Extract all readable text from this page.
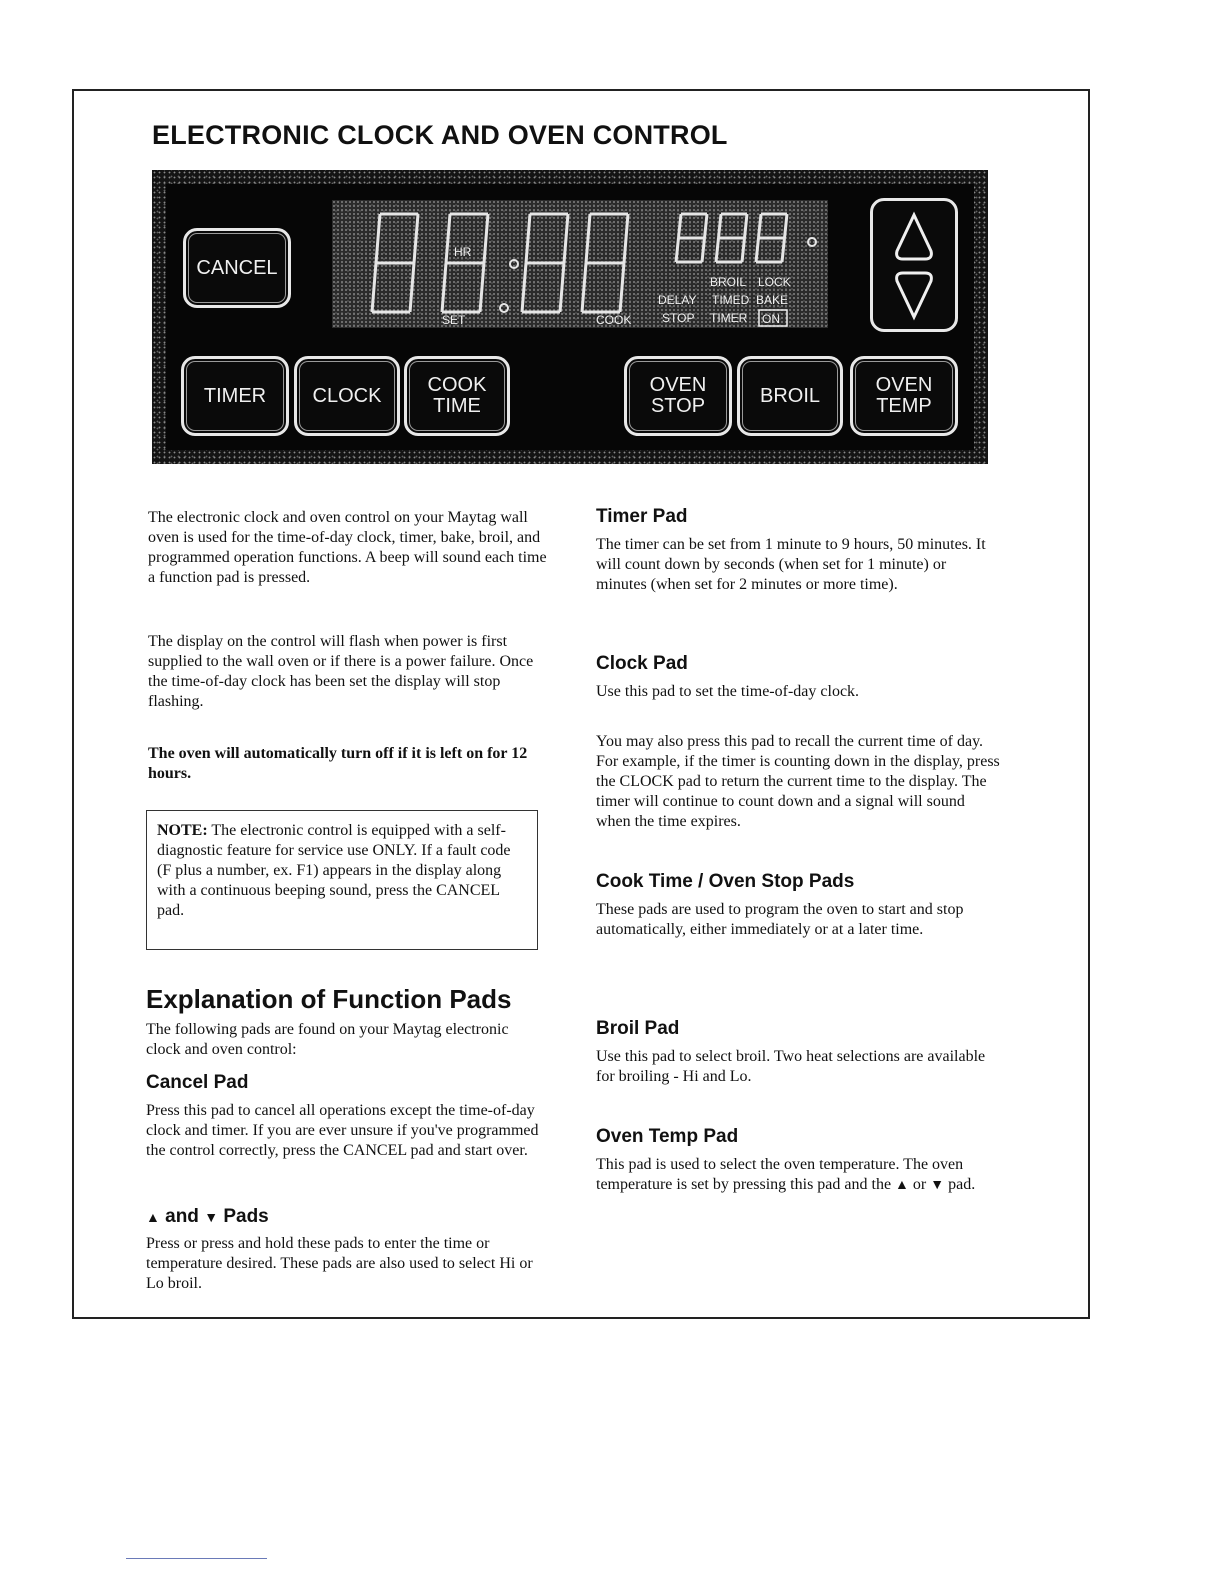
ELECTRONIC CLOCK AND OVEN CONTROL
HR
SET	COOK
BROIL LOCK
DELAY TIMED BAKE
STOP TIMER ON
CANCEL
TIMER CLOCK COOK
TIME
OVEN
STOP	BROIL	OVEN
TEMP

The electronic clock and oven control on your Maytag wall oven is used for the time-of-day clock, timer, bake, broil, and programmed operation functions. A beep will sound each time a function pad is pressed.

The display on the control will flash when power is first supplied to the wall oven or if there is a power failure. Once the time-of-day clock has been set the display will stop flashing.

The oven will automatically turn off if it is left on for 12 hours.

NOTE: The electronic control is equipped with a self-diagnostic feature for service use ONLY. If a fault code (F plus a number, ex. F1) appears in the display along with a continuous beeping sound, press the CANCEL pad.
Explanation of Function Pads

The following pads are found on your Maytag electronic clock and oven control:

Cancel Pad

Press this pad to cancel all operations except the time-of-day clock and timer. If you are ever unsure if you've programmed the control correctly, press the CANCEL pad and start over.

▲ and ▼ Pads

Press or press and hold these pads to enter the time or temperature desired. These pads are also used to select Hi or Lo broil.

Timer Pad

The timer can be set from 1 minute to 9 hours, 50 minutes. It will count down by seconds (when set for 1 minute) or minutes (when set for 2 minutes or more time).

Clock Pad

Use this pad to set the time-of-day clock.

You may also press this pad to recall the current time of day. For example, if the timer is counting down in the display, press the CLOCK pad to return the current time to the display. The timer will continue to count down and a signal will sound when the time expires.

Cook Time / Oven Stop Pads

These pads are used to program the oven to start and stop automatically, either immediately or at a later time.

Broil Pad

Use this pad to select broil. Two heat selections are available for broiling - Hi and Lo.

Oven Temp Pad

This pad is used to select the oven temperature. The oven temperature is set by pressing this pad and the ▲ or ▼ pad.
